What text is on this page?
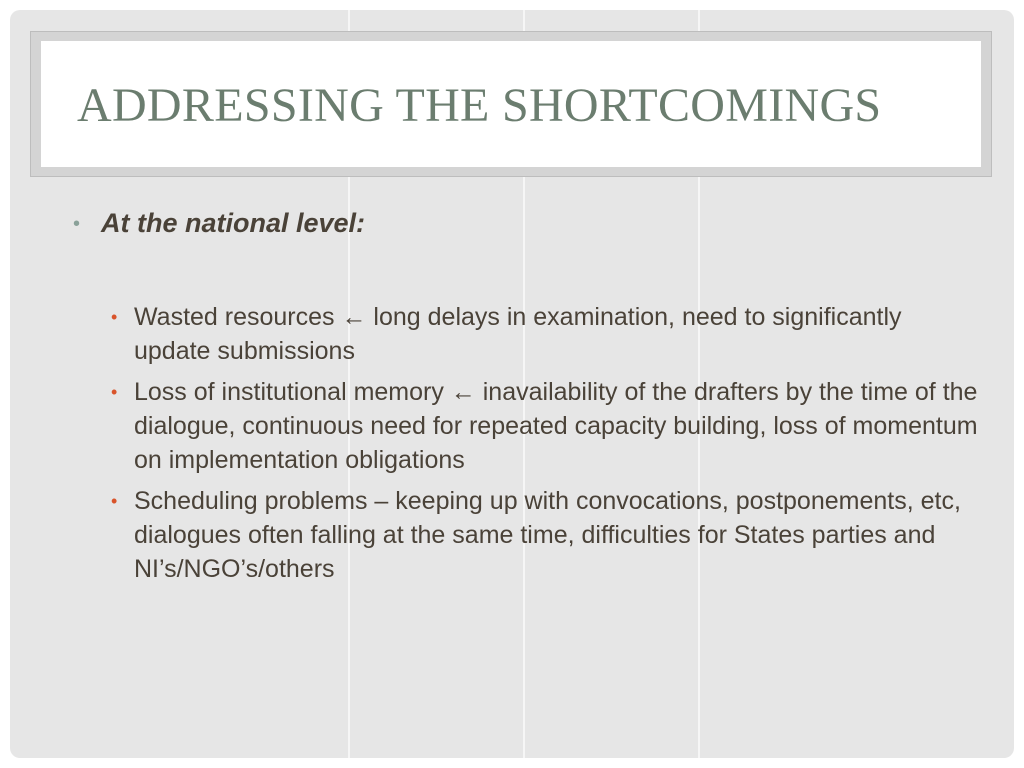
ADDRESSING THE SHORTCOMINGS
• At the national level:
• Wasted resources ← long delays in examination, need to significantly update submissions
• Loss of institutional memory ← inavailability of the drafters by the time of the dialogue, continuous need for repeated capacity building, loss of momentum on implementation obligations
• Scheduling problems – keeping up with convocations, postponements, etc, dialogues often falling at the same time, difficulties for States parties and NI’s/NGO’s/others
